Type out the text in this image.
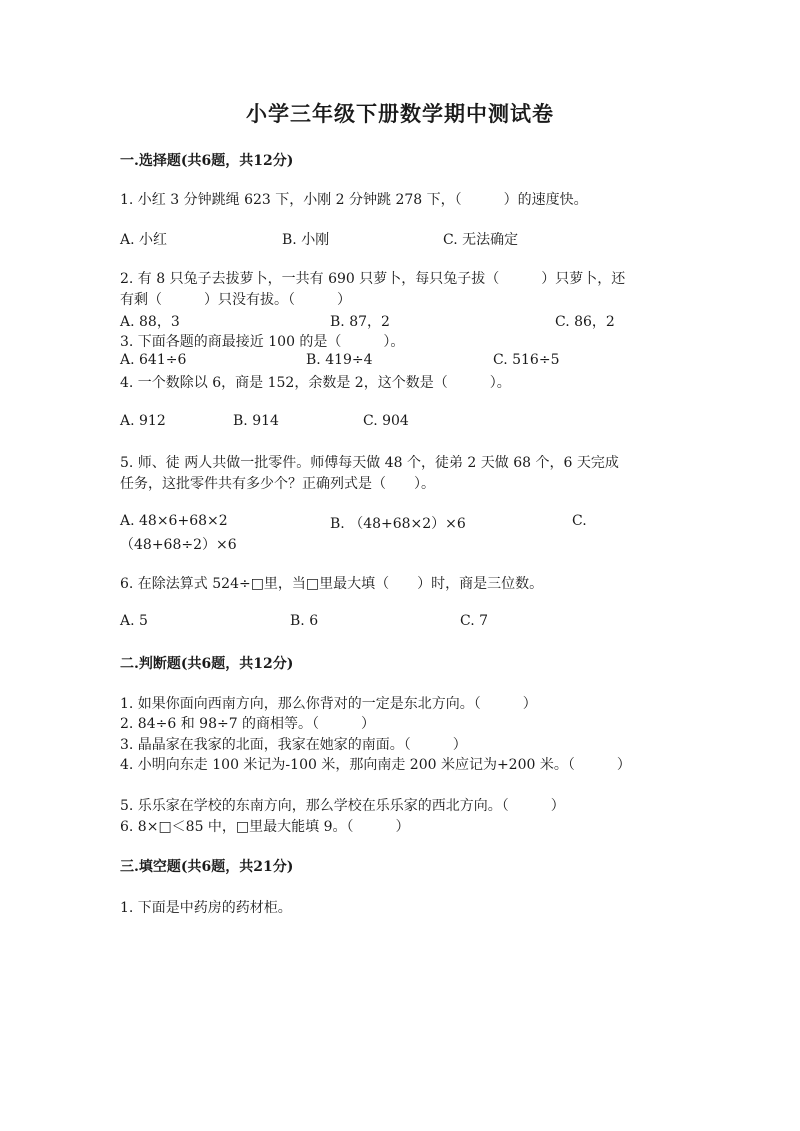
小学三年级下册数学期中测试卷
一.选择题(共6题，共12分)
1. 小红 3 分钟跳绳 623 下，小刚 2 分钟跳 278 下，（　　　）的速度快。
A. 小红	B. 小刚	C. 无法确定
2. 有 8 只兔子去拔萝卜，一共有 690 只萝卜，每只兔子拔（　　　）只萝卜，还
有剩（　　　）只没有拔。（　　　）
A. 88，3	B. 87，2	C. 86，2
3. 下面各题的商最接近 100 的是（　　　）。
A. 641÷6	B. 419÷4	C. 516÷5
4. 一个数除以 6，商是 152，余数是 2，这个数是（　　　）。
A. 912	B. 914	C. 904
5. 师、徒 两人共做一批零件。师傅每天做 48 个，徒弟 2 天做 68 个，6 天完成
任务，这批零件共有多少个？正确列式是（　　）。
A. 48×6+68×2	B. （48+68×2）×6	C.
（48+68÷2）×6
6. 在除法算式 524÷□里，当□里最大填（　　）时，商是三位数。
A. 5	B. 6	C. 7
二.判断题(共6题，共12分)
1. 如果你面向西南方向，那么你背对的一定是东北方向。（　　　）
2. 84÷6 和 98÷7 的商相等。（　　　）
3. 晶晶家在我家的北面，我家在她家的南面。（　　　）
4. 小明向东走 100 米记为-100 米，那向南走 200 米应记为+200 米。（　　　）
5. 乐乐家在学校的东南方向，那么学校在乐乐家的西北方向。（　　　）
6. 8×□＜85 中，□里最大能填 9。（　　　）
三.填空题(共6题，共21分)
1. 下面是中药房的药材柜。
